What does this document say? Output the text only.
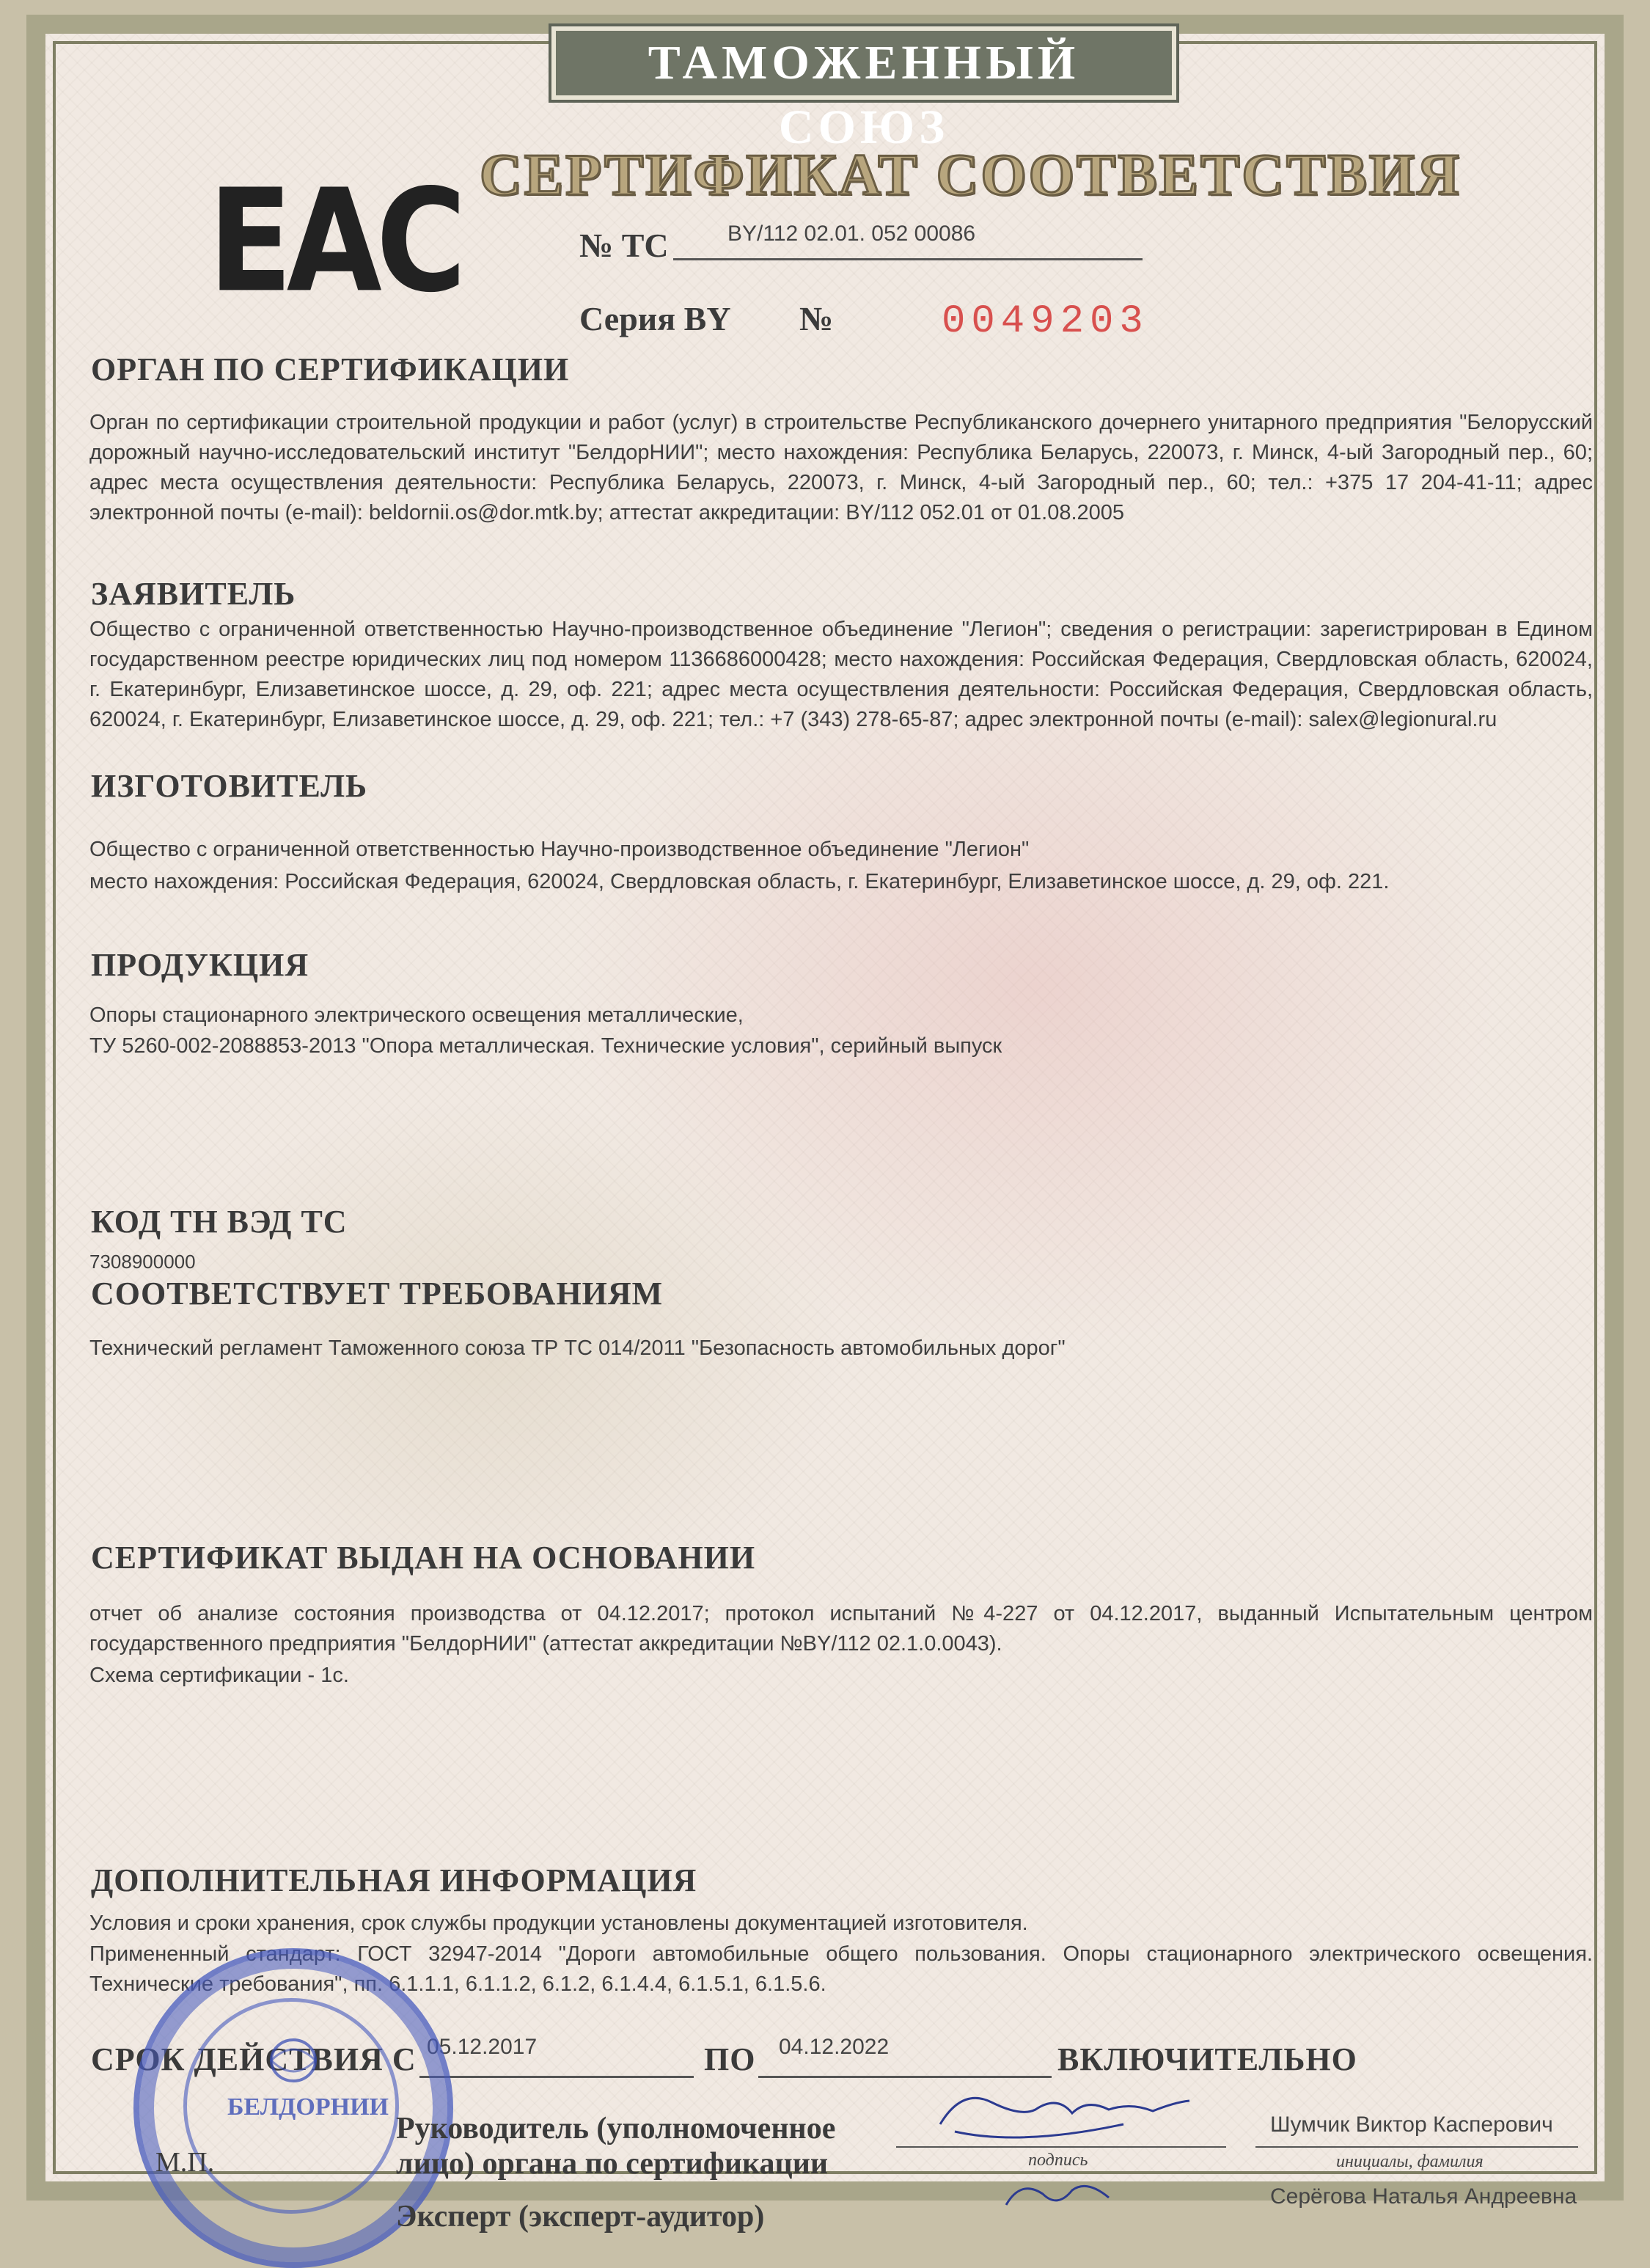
ТАМОЖЕННЫЙ СОЮЗ
ЕАС СЕРТИФИКАТ СООТВЕТСТВИЯ
№ ТС	BY/112 02.01. 052 00086
Серия BY №	0049203
ОРГАН ПО СЕРТИФИКАЦИИ
Орган по сертификации строительной продукции и работ (услуг) в строительстве Республиканского дочернего унитарного предприятия "Белорусский дорожный научно-исследовательский институт "БелдорНИИ"; место нахождения: Республика Беларусь, 220073, г. Минск, 4-ый Загородный пер., 60; адрес места осуществления деятельности: Республика Беларусь, 220073, г. Минск, 4-ый Загородный пер., 60; тел.: +375 17 204-41-11; адрес электронной почты (e-mail): beldornii.os@dor.mtk.by; аттестат аккредитации: BY/112 052.01 от 01.08.2005
ЗАЯВИТЕЛЬ
Общество с ограниченной ответственностью Научно-производственное объединение "Легион"; сведения о регистрации: зарегистрирован в Едином государственном реестре юридических лиц под номером 1136686000428; место нахождения: Российская Федерация, Свердловская область, 620024, г. Екатеринбург, Елизаветинское шоссе, д. 29, оф. 221; адрес места осуществления деятельности: Российская Федерация, Свердловская область, 620024, г. Екатеринбург, Елизаветинское шоссе, д. 29, оф. 221; тел.: +7 (343) 278-65-87; адрес электронной почты (e-mail): salex@legionural.ru
ИЗГОТОВИТЕЛЬ
Общество с ограниченной ответственностью Научно-производственное объединение "Легион"
место нахождения: Российская Федерация, 620024, Свердловская область, г. Екатеринбург, Елизаветинское шоссе, д. 29, оф. 221.
ПРОДУКЦИЯ
Опоры стационарного электрического освещения металлические,
ТУ 5260-002-2088853-2013 "Опора металлическая. Технические условия", серийный выпуск
КОД ТН ВЭД ТС
7308900000
СООТВЕТСТВУЕТ ТРЕБОВАНИЯМ
Технический регламент Таможенного союза ТР ТС 014/2011 "Безопасность автомобильных дорог"
СЕРТИФИКАТ ВЫДАН НА ОСНОВАНИИ
отчет об анализе состояния производства от 04.12.2017; протокол испытаний №4-227 от 04.12.2017, выданный Испытательным центром государственного предприятия "БелдорНИИ" (аттестат аккредитации №BY/112 02.1.0.0043).
Схема сертификации - 1с.
ДОПОЛНИТЕЛЬНАЯ ИНФОРМАЦИЯ
Условия и сроки хранения, срок службы продукции установлены документацией изготовителя.
Примененный стандарт: ГОСТ 32947-2014 "Дороги автомобильные общего пользования. Опоры стационарного электрического освещения. Технические требования", пп. 6.1.1.1, 6.1.1.2, 6.1.2, 6.1.4.4, 6.1.5.1, 6.1.5.6.
СРОК ДЕЙСТВИЯ С 05.12.2017	ПО 04.12.2022	ВКЛЮЧИТЕЛЬНО
БЕЛДОРНИИ
М.П.
Руководитель (уполномоченное
лицо) органа по сертификации
Эксперт (эксперт-аудитор)
подпись
Шумчик Виктор Касперович
инициалы, фамилия
Серёгова Наталья Андреевна
